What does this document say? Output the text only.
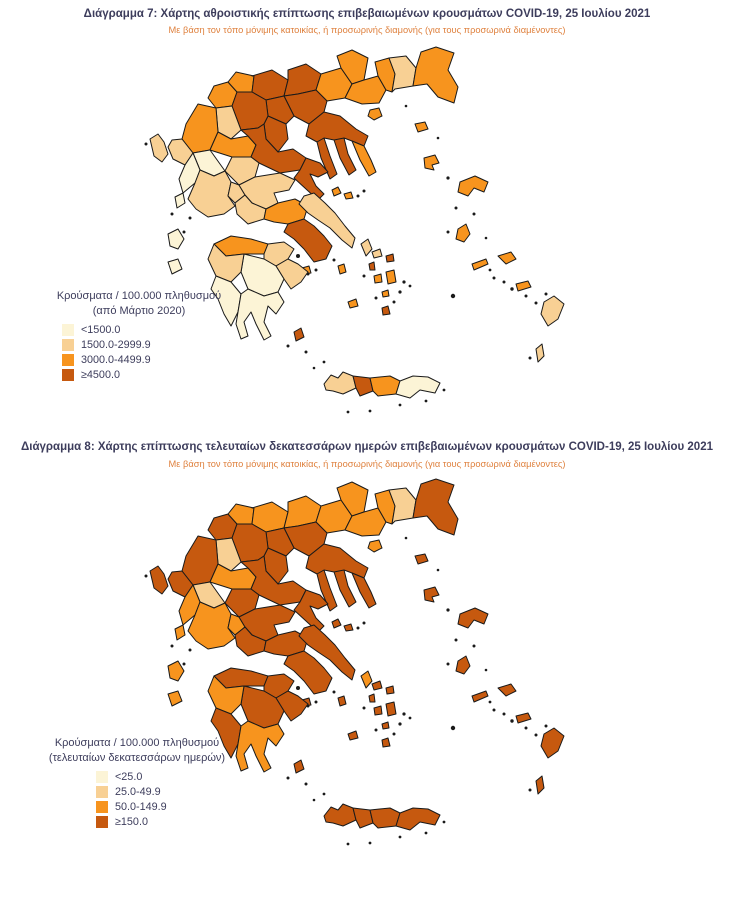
Διάγραμμα 7: Χάρτης αθροιστικής επίπτωσης επιβεβαιωμένων κρουσμάτων COVID-19, 25 Ιουλίου 2021
Με βάση τον τόπο μόνιμης κατοικίας, ή προσωρινής διαμονής (για τους προσωρινά διαμένοντες)
Κρούσματα / 100.000 πληθυσμού
(από Μάρτιο 2020)
<1500.0
1500.0-2999.9
3000.0-4499.9
≥4500.0
Διάγραμμα 8: Χάρτης επίπτωσης τελευταίων δεκατεσσάρων ημερών επιβεβαιωμένων κρουσμάτων COVID-19, 25 Ιουλίου 2021
Με βάση τον τόπο μόνιμης κατοικίας, ή προσωρινής διαμονής (για τους προσωρινά διαμένοντες)
Κρούσματα / 100.000 πληθυσμού
(τελευταίων δεκατεσσάρων ημερών)
<25.0
25.0-49.9
50.0-149.9
≥150.0
